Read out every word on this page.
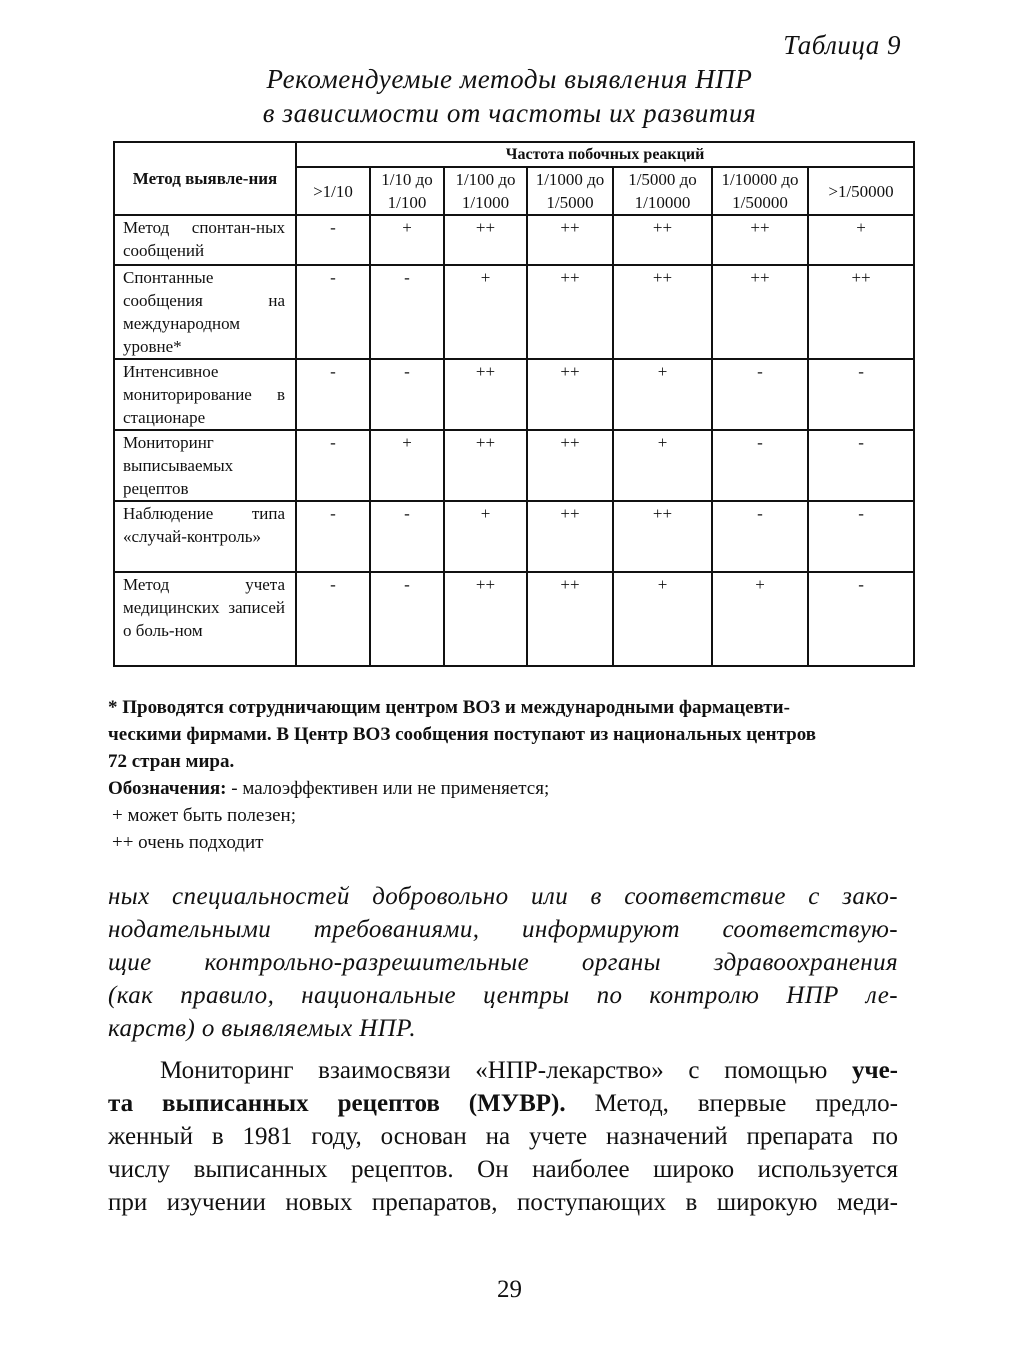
Таблица 9
Рекомендуемые методы выявления НПР
в зависимости от частоты их развития
Метод выявле-ния	Частота побочных реакций						
	>1/10	1/10 до 1/100	1/100 до 1/1000	1/1000 до 1/5000	1/5000 до 1/10000	1/10000 до 1/50000	>1/50000
Метод спонтан-ных сообщений	-	+	++	++	++	++	+
Спонтанные сообщения на международном уровне*	-	-	+	++	++	++	++
Интенсивное мониторирование в стационаре	-	-	++	++	+	-	-
Мониторинг выписываемых рецептов	-	+	++	++	+	-	-
Наблюдение типа «случай-контроль»	-	-	+	++	++	-	-
Метод учета медицинских записей о боль-ном	-	-	++	++	+	+	-

* Проводятся сотрудничающим центром ВОЗ и международными фармацевти-

ческими фирмами. В Центр ВОЗ сообщения поступают из национальных центров

72 стран мира.

Обозначения: - малоэффективен или не применяется;

+ может быть полезен;

++ очень подходит

ных специальностей добровольно или в соответствие с зако-
нодательными требованиями, информируют соответствую-
щие контрольно-разрешительные органы здравоохранения
(как правило, национальные центры по контролю НПР ле-
карств) о выявляемых НПР.
Мониторинг взаимосвязи «НПР-лекарство» с помощью уче-
та выписанных рецептов (МУВР). Метод, впервые предло-
женный в 1981 году, основан на учете назначений препарата по
числу выписанных рецептов. Он наиболее широко используется
при изучении новых препаратов, поступающих в широкую меди-
29
